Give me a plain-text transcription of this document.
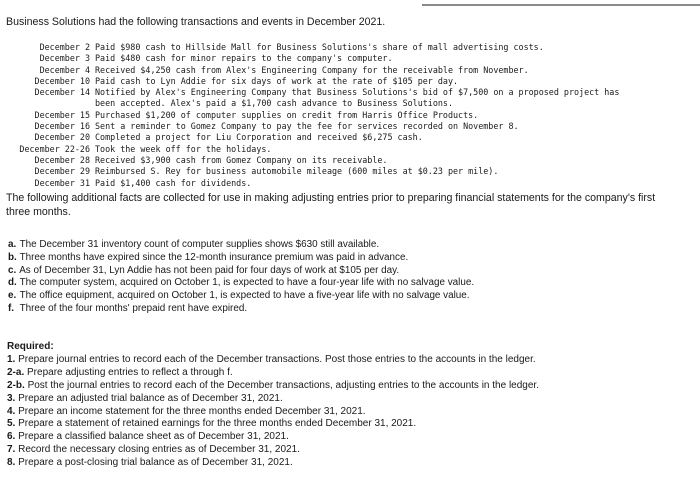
Business Solutions had the following transactions and events in December 2021.
December 2 Paid $980 cash to Hillside Mall for Business Solutions's share of mall advertising costs.
December 3 Paid $480 cash for minor repairs to the company's computer.
December 4 Received $4,250 cash from Alex's Engineering Company for the receivable from November.
December 10 Paid cash to Lyn Addie for six days of work at the rate of $105 per day.
December 14 Notified by Alex's Engineering Company that Business Solutions's bid of $7,500 on a proposed project has
been accepted. Alex's paid a $1,700 cash advance to Business Solutions.
December 15 Purchased $1,200 of computer supplies on credit from Harris Office Products.
December 16 Sent a reminder to Gomez Company to pay the fee for services recorded on November 8.
December 20 Completed a project for Liu Corporation and received $6,275 cash.
December 22-26 Took the week off for the holidays.
December 28 Received $3,900 cash from Gomez Company on its receivable.
December 29 Reimbursed S. Rey for business automobile mileage (600 miles at $0.23 per mile).
December 31 Paid $1,400 cash for dividends.
The following additional facts are collected for use in making adjusting entries prior to preparing financial statements for the company's first three months.
a. The December 31 inventory count of computer supplies shows $630 still available.
b. Three months have expired since the 12-month insurance premium was paid in advance.
c. As of December 31, Lyn Addie has not been paid for four days of work at $105 per day.
d. The computer system, acquired on October 1, is expected to have a four-year life with no salvage value.
e. The office equipment, acquired on October 1, is expected to have a five-year life with no salvage value.
f. Three of the four months' prepaid rent have expired.
Required:
1. Prepare journal entries to record each of the December transactions. Post those entries to the accounts in the ledger.
2-a. Prepare adjusting entries to reflect a through f.
2-b. Post the journal entries to record each of the December transactions, adjusting entries to the accounts in the ledger.
3. Prepare an adjusted trial balance as of December 31, 2021.
4. Prepare an income statement for the three months ended December 31, 2021.
5. Prepare a statement of retained earnings for the three months ended December 31, 2021.
6. Prepare a classified balance sheet as of December 31, 2021.
7. Record the necessary closing entries as of December 31, 2021.
8. Prepare a post-closing trial balance as of December 31, 2021.
